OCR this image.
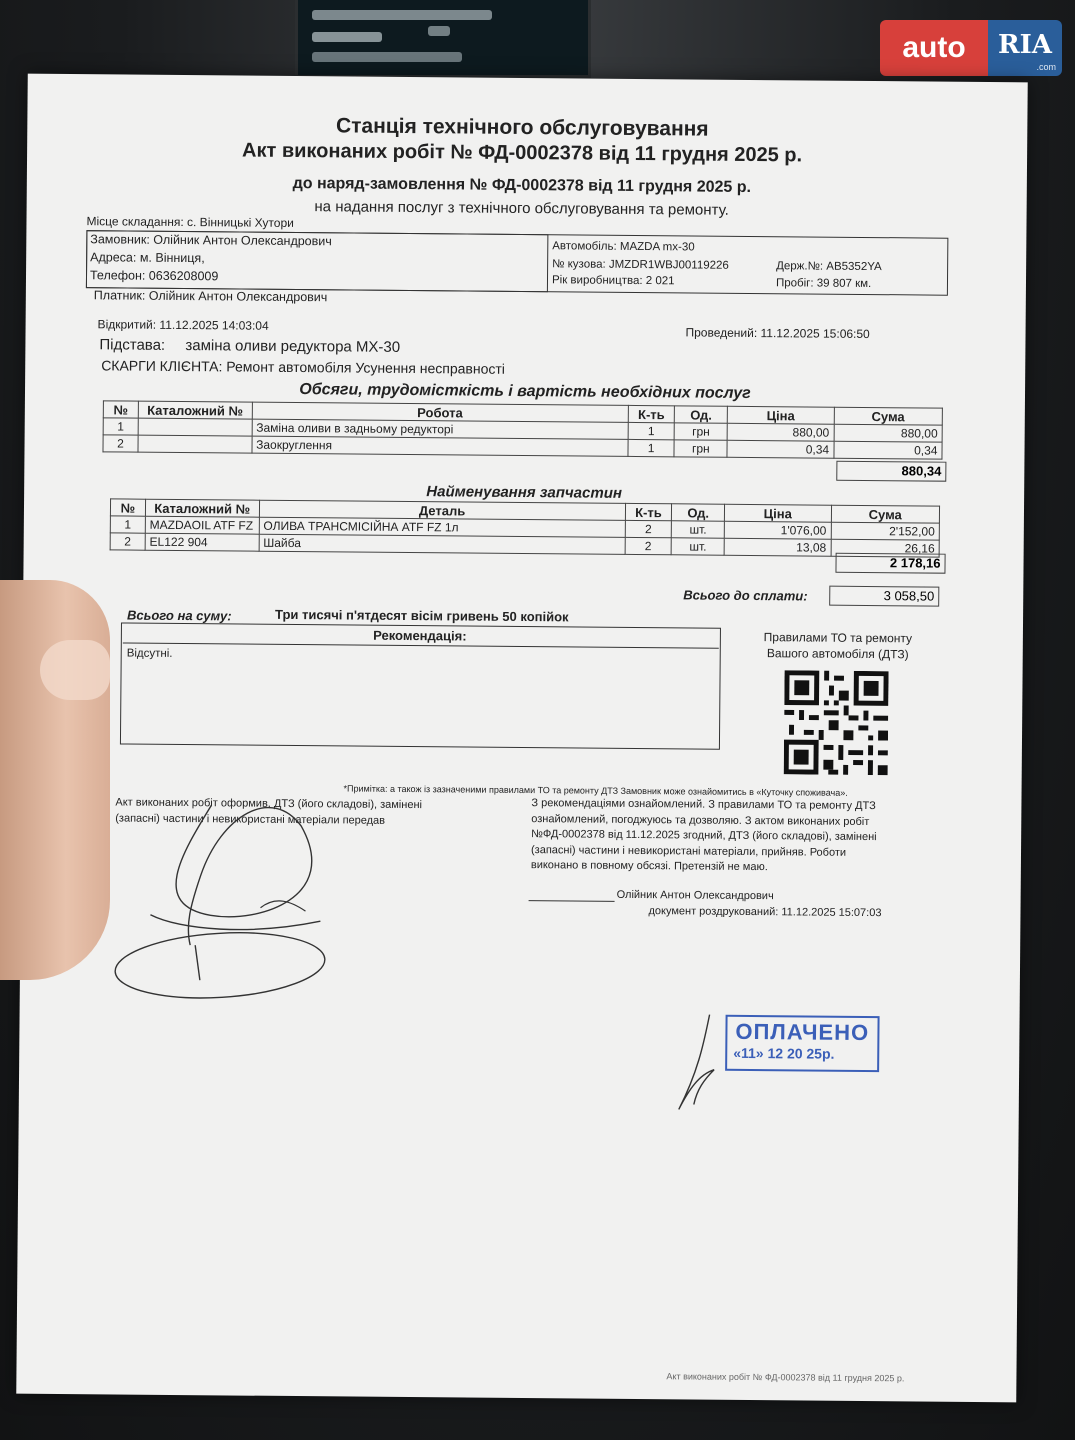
auto	RIA
.com
Станція технічного обслуговування
Акт виконаних робіт № ФД-0002378 від 11 грудня 2025 р.
до наряд-замовлення № ФД-0002378 від 11 грудня 2025 р.
на надання послуг з технічного обслуговування та ремонту.
Місце складання: с. Вінницькі Хутори
Замовник: Олійник Антон Олександрович
Адреса: м. Вінниця,
Телефон: 0636208009
Автомобіль: MAZDA mx-30
№ кузова: JMZDR1WBJ00119226	Держ.№: AB5352YA
Рік виробництва: 2 021	Пробіг: 39 807 км.
Платник: Олійник Антон Олександрович
Відкритий: 11.12.2025 14:03:04
Проведений: 11.12.2025 15:06:50
Підстава: заміна оливи редуктора МХ-30
СКАРГИ КЛІЄНТА: Ремонт автомобіля Усунення несправності
Обсяги, трудомісткість і вартість необхідних послуг
№	Каталожний №	Робота	К-ть	Од.	Ціна	Сума
1		Заміна оливи в задньому редукторі	1	грн	880,00	880,00
2		Заокруглення	1	грн	0,34	0,34
880,34
Найменування запчастин
№	Каталожний №	Деталь	К-ть	Од.	Ціна	Сума
1	MAZDAOIL ATF FZ	ОЛИВА ТРАНСМІСІЙНА ATF FZ 1л	2	шт.	1'076,00	2'152,00
2	EL122 904	Шайба	2	шт.	13,08	26,16
2 178,16
Всього до сплати:	3 058,50
Всього на суму:	Три тисячі п'ятдесят вісім гривень 50 копійок
Рекомендація:
Відсутні.
Правилами ТО та ремонту
Вашого автомобіля (ДТЗ)
*Примітка: а також із зазначеними правилами ТО та ремонту ДТЗ Замовник може ознайомитись в «Куточку споживача».
Акт виконаних робіт оформив, ДТЗ (його складові), замінені
(запасні) частини і невикористані матеріали передав
З рекомендаціями ознайомлений. З правилами ТО та ремонту ДТЗ
ознайомлений, погоджуюсь та дозволяю. З актом виконаних робіт
№ФД-0002378 від 11.12.2025 згодний, ДТЗ (його складові), замінені
(запасні) частини і невикористані матеріали, прийняв. Роботи
виконано в повному обсязі. Претензій не маю.
Олійник Антон Олександрович
документ роздрукований: 11.12.2025 15:07:03
ОПЛАЧЕНО
«11» 12 20 25р.
Акт виконаних робіт № ФД-0002378 від 11 грудня 2025 р.
